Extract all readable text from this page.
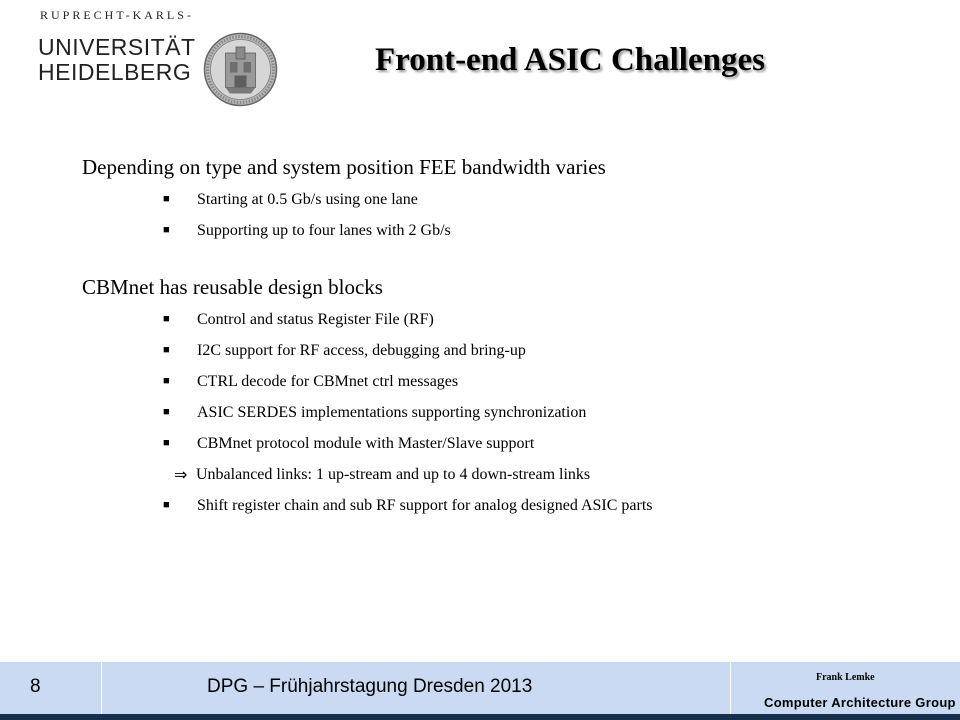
RUPRECHT-KARLS-
UNIVERSITÄT
HEIDELBERG	Front-end ASIC Challenges

Depending on type and system position FEE bandwidth varies

■ Starting at 0.5 Gb/s using one lane
■ Supporting up to four lanes with 2 Gb/s

CBMnet has reusable design blocks

■ Control and status Register File (RF)
■ I2C support for RF access, debugging and bring-up
■ CTRL decode for CBMnet ctrl messages
■ ASIC SERDES implementations supporting synchronization
■ CBMnet protocol module with Master/Slave support
⇒ Unbalanced links: 1 up-stream and up to 4 down-stream links
■ Shift register chain and sub RF support for analog designed ASIC parts
8	DPG – Frühjahrstagung Dresden 2013	Frank Lemke
Computer Architecture Group
